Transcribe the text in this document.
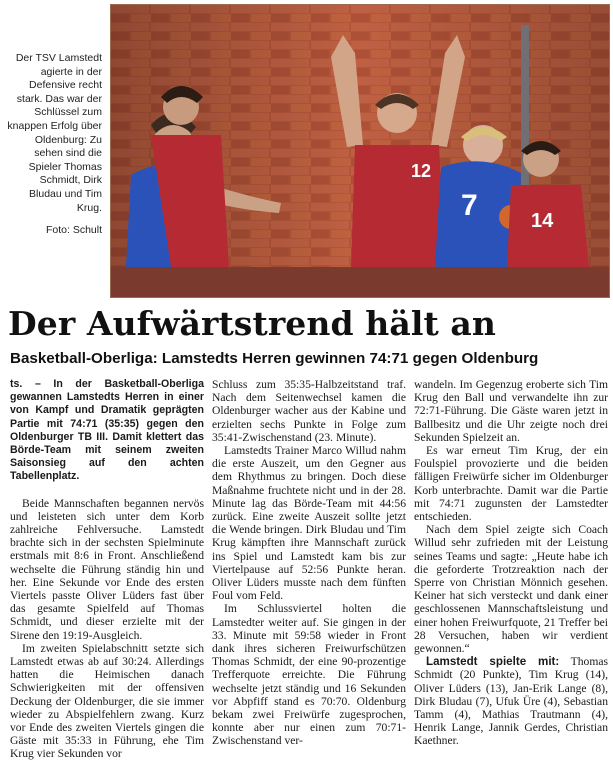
Der TSV Lamstedt agierte in der Defensive recht stark. Das war der Schlüssel zum knappen Erfolg über Oldenburg: Zu sehen sind die Spieler Thomas Schmidt, Dirk Bludau und Tim Krug.
Foto: Schult
12
7	14
Der Aufwärtstrend hält an
Basketball-Oberliga: Lamstedts Herren gewinnen 74:71 gegen Oldenburg

ts. – In der Basketball-Oberliga gewannen Lamstedts Herren in einer von Kampf und Dramatik geprägten Partie mit 74:71 (35:35) gegen den Oldenburger TB III. Damit klettert das Börde-Team mit seinem zweiten Saisonsieg auf den achten Tabellenplatz.

Beide Mannschaften begannen nervös und leisteten sich unter dem Korb zahlreiche Fehlversuche. Lamstedt brachte sich in der sechsten Spielminute erstmals mit 8:6 in Front. Anschließend wechselte die Führung ständig hin und her. Eine Sekunde vor Ende des ersten Viertels passte Oliver Lüders fast über das gesamte Spielfeld auf Thomas Schmidt, und dieser erzielte mit der Sirene den 19:19-Ausgleich.

Im zweiten Spielabschnitt setzte sich Lamstedt etwas ab auf 30:24. Allerdings hatten die Heimischen danach Schwierigkeiten mit der offensiven Deckung der Oldenburger, die sie immer wieder zu Abspielfehlern zwang. Kurz vor Ende des zweiten Viertels gingen die Gäste mit 35:33 in Führung, ehe Tim Krug vier Sekunden vor

Schluss zum 35:35-Halbzeitstand traf. Nach dem Seitenwechsel kamen die Oldenburger wacher aus der Kabine und erzielten sechs Punkte in Folge zum 35:41-Zwischenstand (23. Minute).

Lamstedts Trainer Marco Willud nahm die erste Auszeit, um den Gegner aus dem Rhythmus zu bringen. Doch diese Maßnahme fruchtete nicht und in der 28. Minute lag das Börde-Team mit 44:56 zurück. Eine zweite Auszeit sollte jetzt die Wende bringen. Dirk Bludau und Tim Krug kämpften ihre Mannschaft zurück ins Spiel und Lamstedt kam bis zur Viertelpause auf 52:56 Punkte heran. Oliver Lüders musste nach dem fünften Foul vom Feld.

Im Schlussviertel holten die Lamstedter weiter auf. Sie gingen in der 33. Minute mit 59:58 wieder in Front dank ihres sicheren Freiwurfschützen Thomas Schmidt, der eine 90-prozentige Trefferquote erreichte. Die Führung wechselte jetzt ständig und 16 Sekunden vor Abpfiff stand es 70:70. Oldenburg bekam zwei Freiwürfe zugesprochen, konnte aber nur einen zum 70:71-Zwischenstand ver-

wandeln. Im Gegenzug eroberte sich Tim Krug den Ball und verwandelte ihn zur 72:71-Führung. Die Gäste waren jetzt in Ballbesitz und die Uhr zeigte noch drei Sekunden Spielzeit an.

Es war erneut Tim Krug, der ein Foulspiel provozierte und die beiden fälligen Freiwürfe sicher im Oldenburger Korb unterbrachte. Damit war die Partie mit 74:71 zugunsten der Lamstedter entschieden.

Nach dem Spiel zeigte sich Coach Willud sehr zufrieden mit der Leistung seines Teams und sagte: „Heute habe ich die geforderte Trotzreaktion nach der Sperre von Christian Mönnich gesehen. Keiner hat sich versteckt und dank einer geschlossenen Mannschaftsleistung und einer hohen Freiwurfquote, 21 Treffer bei 28 Versuchen, haben wir verdient gewonnen.“

Lamstedt spielte mit: Thomas Schmidt (20 Punkte), Tim Krug (14), Oliver Lüders (13), Jan-Erik Lange (8), Dirk Bludau (7), Ufuk Üre (4), Sebastian Tamm (4), Mathias Trautmann (4), Henrik Lange, Jannik Gerdes, Christian Kaethner.
